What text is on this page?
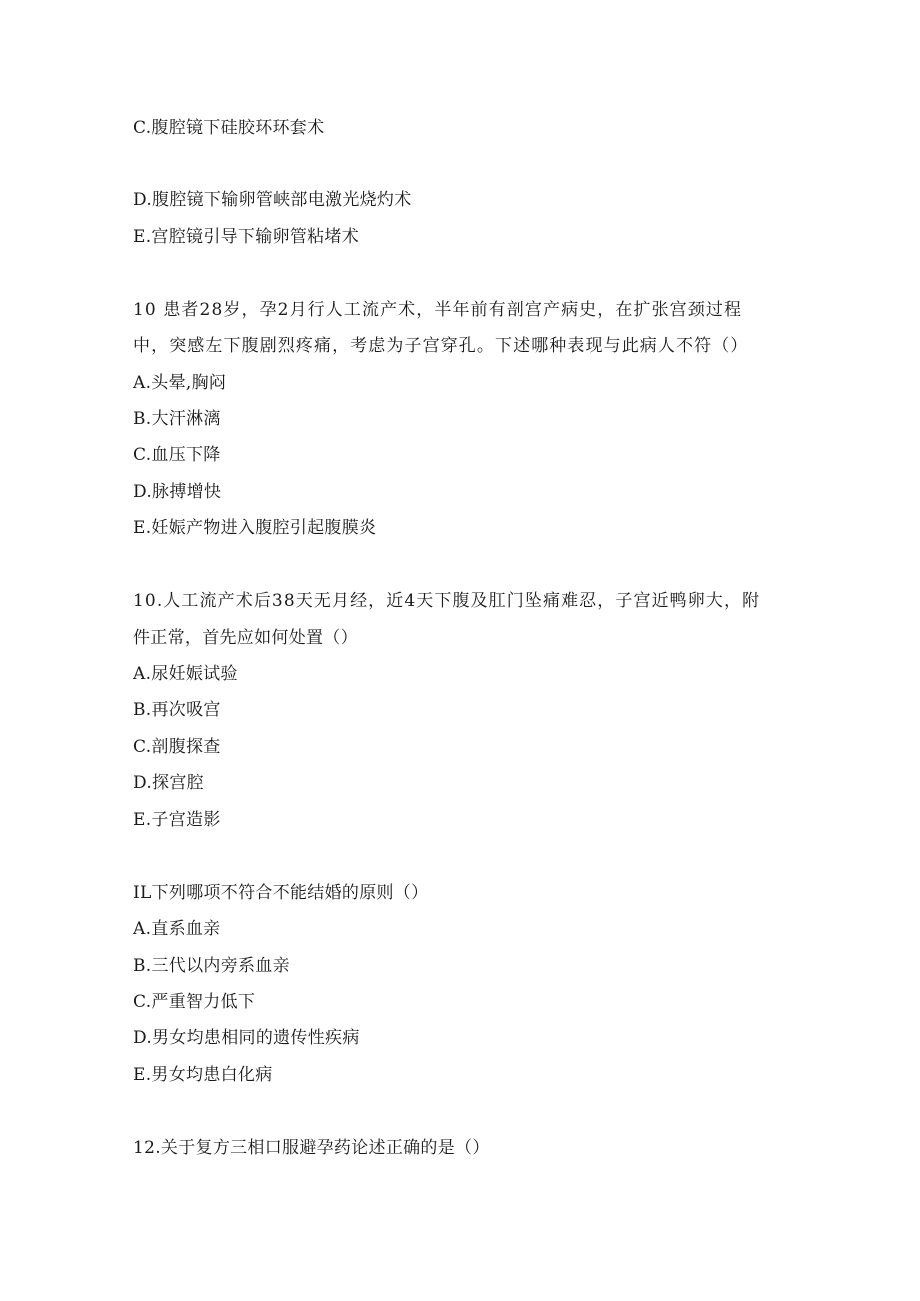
C.腹腔镜下硅胶环环套术
D.腹腔镜下输卵管峡部电激光烧灼术
E.宫腔镜引导下输卵管粘堵术
10 患者28岁，孕2月行人工流产术，半年前有剖宫产病史，在扩张宫颈过程
中，突感左下腹剧烈疼痛，考虑为子宫穿孔。下述哪种表现与此病人不符（）
A.头晕,胸闷
B.大汗淋漓
C.血压下降
D.脉搏增快
E.妊娠产物进入腹腔引起腹膜炎
10.人工流产术后38天无月经，近4天下腹及肛门坠痛难忍，子宫近鸭卵大，附
件正常，首先应如何处置（）
A.尿妊娠试验
B.再次吸宫
C.剖腹探查
D.探宫腔
E.子宫造影
IL下列哪项不符合不能结婚的原则（）
A.直系血亲
B.三代以内旁系血亲
C.严重智力低下
D.男女均患相同的遗传性疾病
E.男女均患白化病
12.关于复方三相口服避孕药论述正确的是（）
